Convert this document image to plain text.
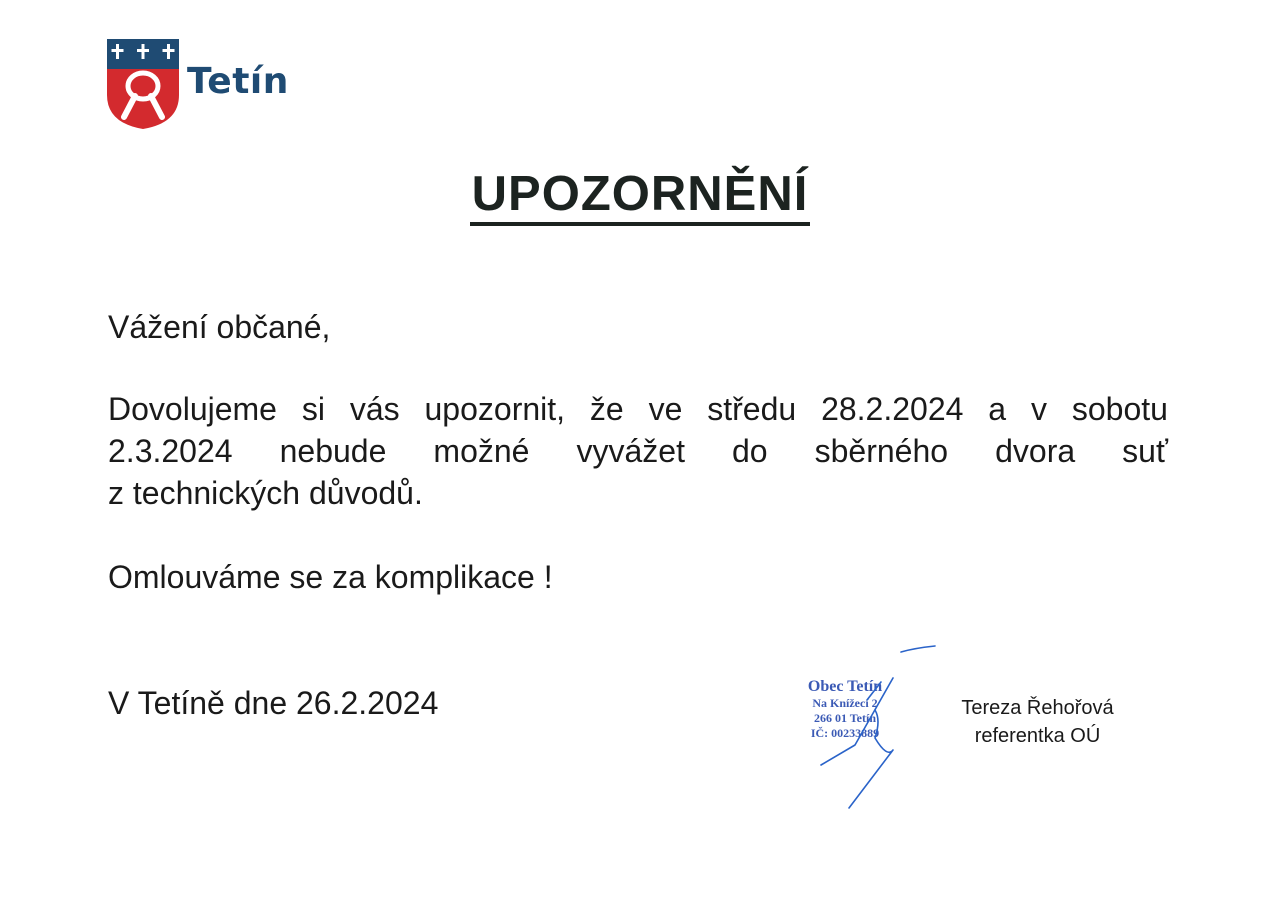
Tetín
UPOZORNĚNÍ
Vážení občané,
Dovolujeme si vás upozornit, že ve středu 28.2.2024 a v sobotu
2.3.2024 nebude možné vyvážet do sběrného dvora suť
z technických důvodů.
Omlouváme se za komplikace !
V Tetíně dne 26.2.2024	Obec Tetín
Na Knížecí 2
266 01 Tetín
IČ: 00233889
Tereza Řehořová
referentka OÚ
